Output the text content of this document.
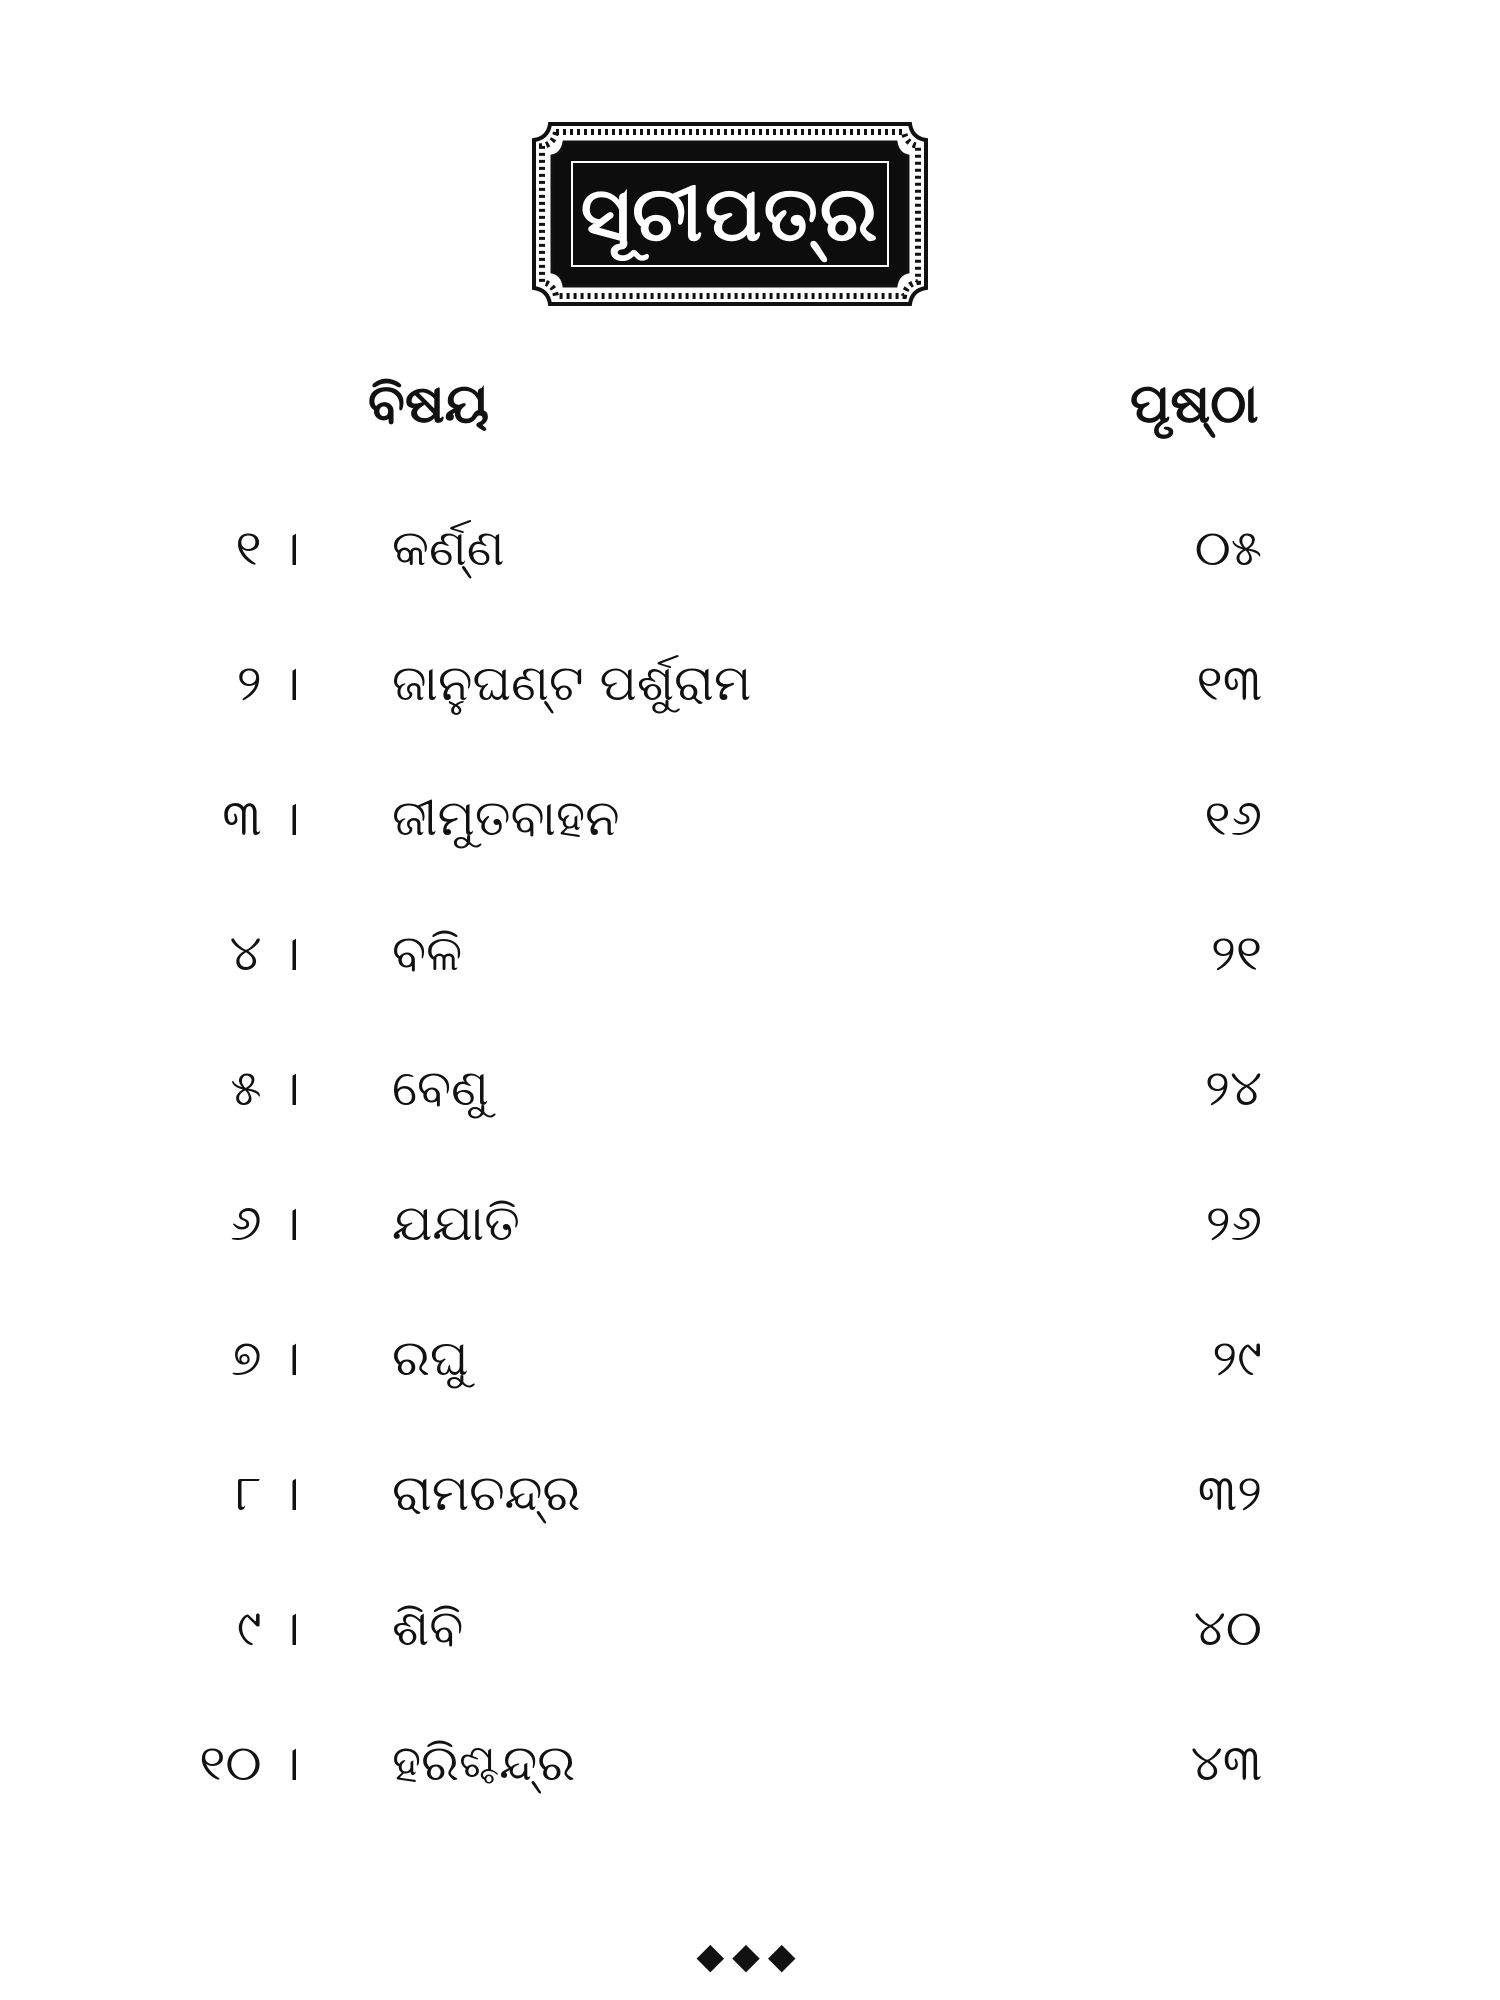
ସୂଚୀପତ୍ର
ବିଷୟ	ପୃଷ୍ଠା
୧ । କର୍ଣ୍ଣ	୦୫
୨ । ଜାନୁଘଣ୍ଟ ପର୍ଶୁରାମ	୧୩
୩ । ଜୀମୁତବାହନ	୧୬
୪ । ବଳି	୨୧
୫ । ବେଣୁ	୨୪
୬ । ଯଯାତି	୨୬
୭ । ରଘୁ	୨୯
୮ । ରାମଚନ୍ଦ୍ର	୩୨
୯ । ଶିବି	୪୦
୧୦ । ହରିଶ୍ଚନ୍ଦ୍ର	୪୩
◆◆◆
